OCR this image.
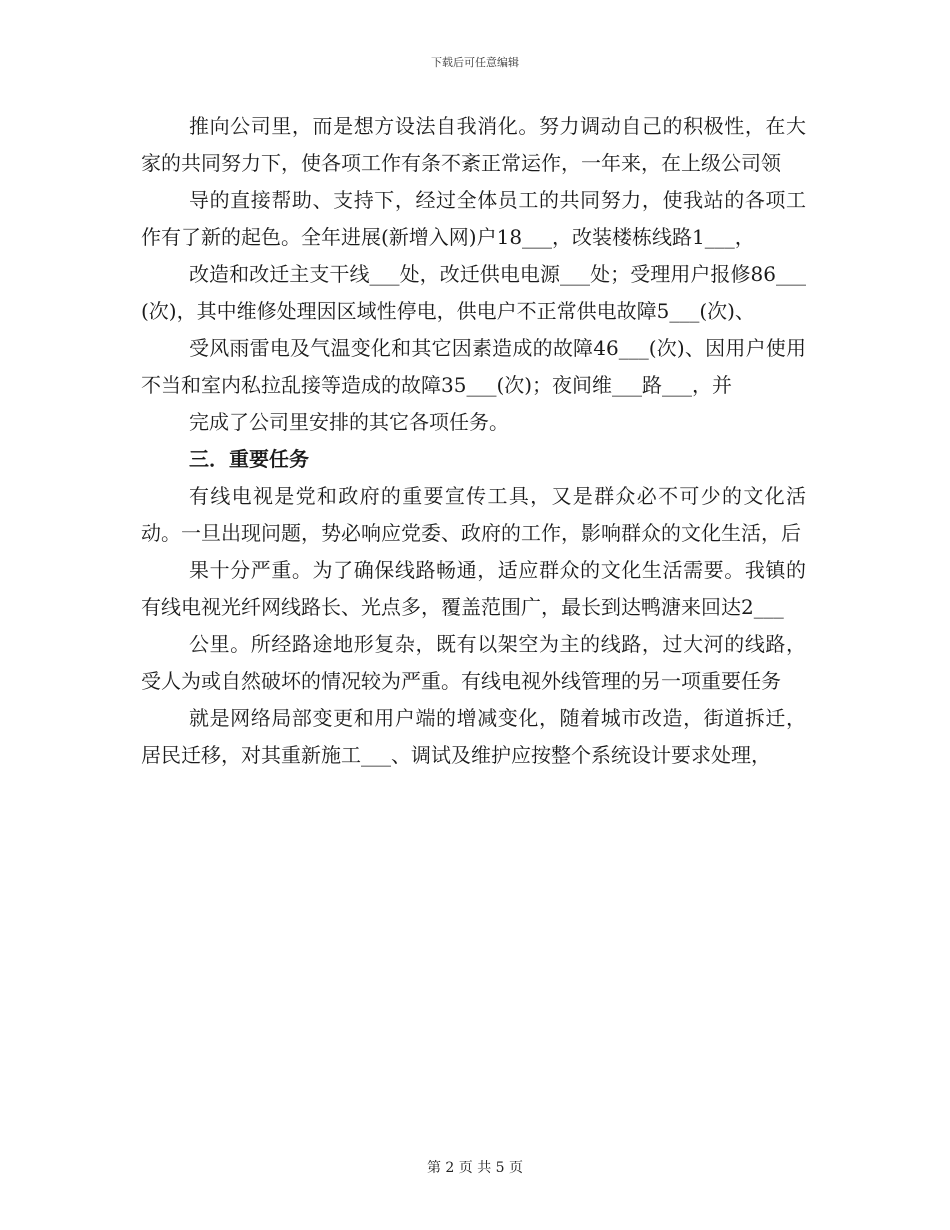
下载后可任意编辑

推向公司里，而是想方设法自我消化。努力调动自己的积极性，在大家的共同努力下，使各项工作有条不紊正常运作，一年来，在上级公司领

导的直接帮助、支持下，经过全体员工的共同努力，使我站的各项工作有了新的起色。全年进展(新增入网)户18___，改装楼栋线路1___，

改造和改迁主支干线___处，改迁供电电源___处；受理用户报修86___(次)，其中维修处理因区域性停电，供电户不正常供电故障5___(次)、

受风雨雷电及气温变化和其它因素造成的故障46___(次)、因用户使用不当和室内私拉乱接等造成的故障35___(次)；夜间维___路___，并

完成了公司里安排的其它各项任务。

三．重要任务

有线电视是党和政府的重要宣传工具，又是群众必不可少的文化活动。一旦出现问题，势必响应党委、政府的工作，影响群众的文化生活，后

果十分严重。为了确保线路畅通，适应群众的文化生活需要。我镇的有线电视光纤网线路长、光点多，覆盖范围广，最长到达鸭溏来回达2___

公里。所经路途地形复杂，既有以架空为主的线路，过大河的线路，受人为或自然破坏的情况较为严重。有线电视外线管理的另一项重要任务

就是网络局部变更和用户端的增减变化，随着城市改造，街道拆迁，居民迁移，对其重新施工___、调试及维护应按整个系统设计要求处理，

第 2 页 共 5 页
